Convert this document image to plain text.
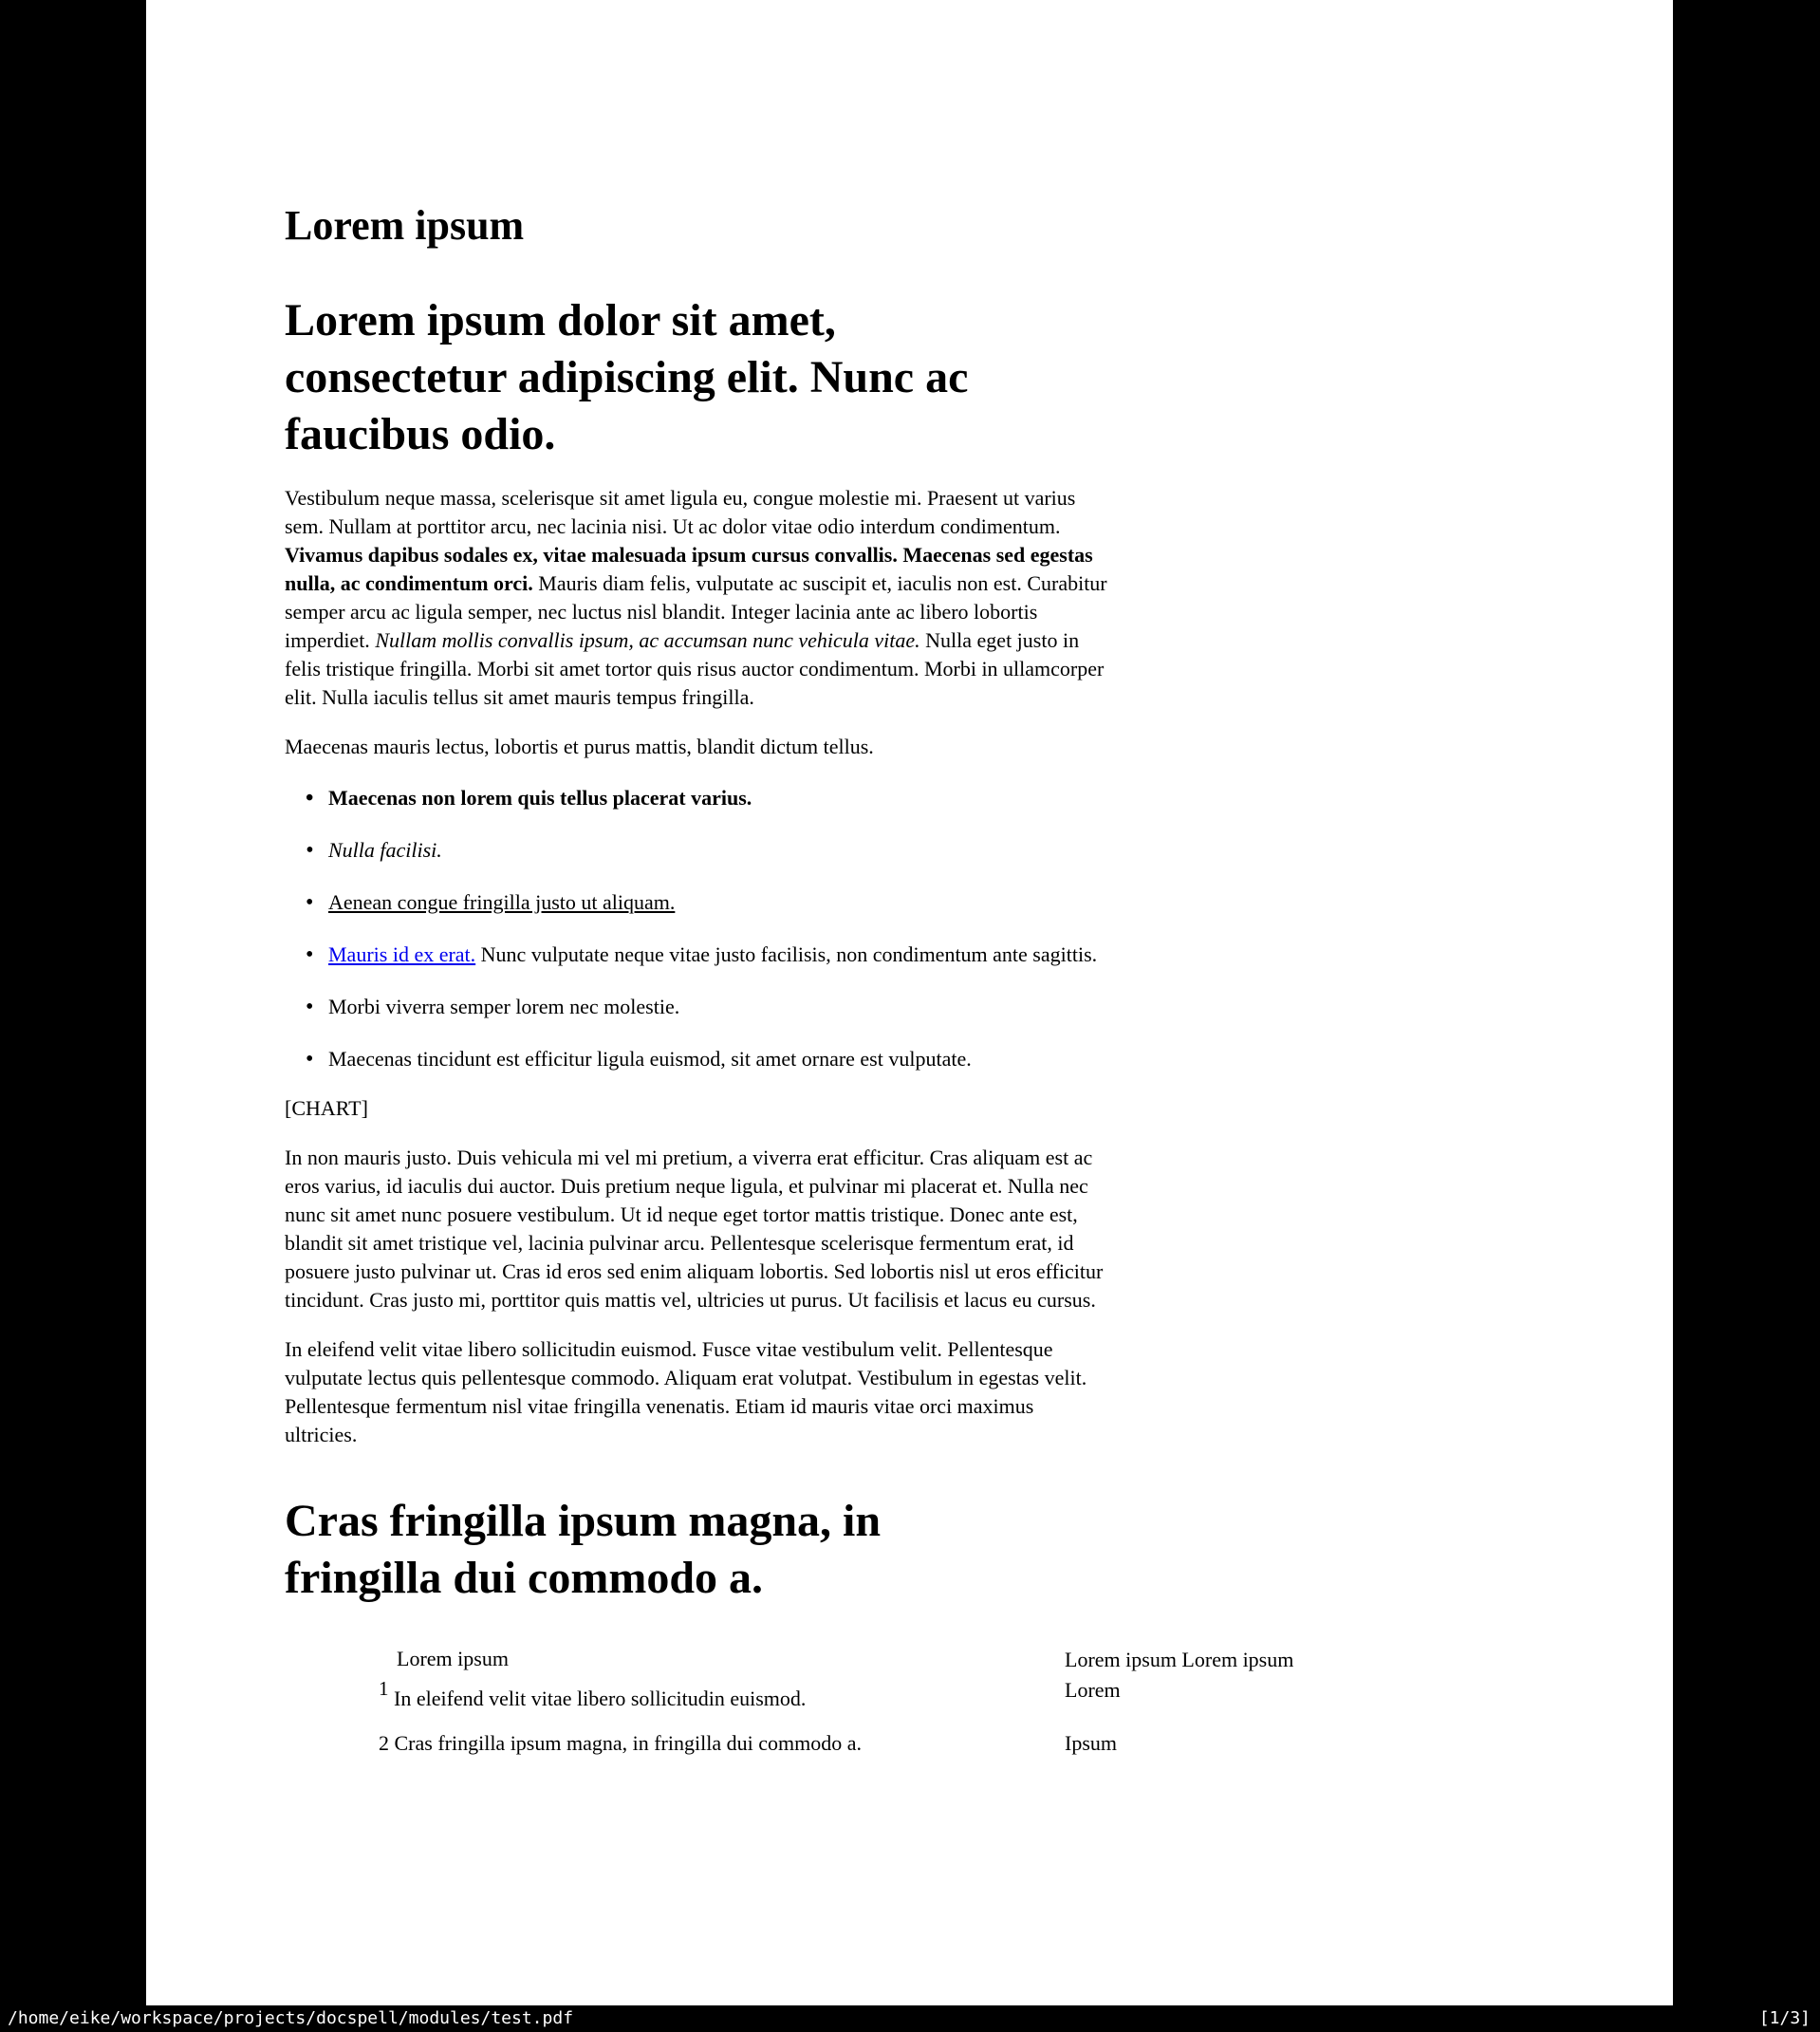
Lorem ipsum
Lorem ipsum dolor sit amet,
consectetur adipiscing elit. Nunc ac
faucibus odio.

Vestibulum neque massa, scelerisque sit amet ligula eu, congue molestie mi. Praesent ut varius sem. Nullam at porttitor arcu, nec lacinia nisi. Ut ac dolor vitae odio interdum condimentum. Vivamus dapibus sodales ex, vitae malesuada ipsum cursus convallis. Maecenas sed egestas nulla, ac condimentum orci. Mauris diam felis, vulputate ac suscipit et, iaculis non est. Curabitur semper arcu ac ligula semper, nec luctus nisl blandit. Integer lacinia ante ac libero lobortis imperdiet. Nullam mollis convallis ipsum, ac accumsan nunc vehicula vitae. Nulla eget justo in felis tristique fringilla. Morbi sit amet tortor quis risus auctor condimentum. Morbi in ullamcorper elit. Nulla iaculis tellus sit amet mauris tempus fringilla.

Maecenas mauris lectus, lobortis et purus mattis, blandit dictum tellus.

• Maecenas non lorem quis tellus placerat varius.
• Nulla facilisi.
• Aenean congue fringilla justo ut aliquam.
• Mauris id ex erat. Nunc vulputate neque vitae justo facilisis, non condimentum ante sagittis.
• Morbi viverra semper lorem nec molestie.
• Maecenas tincidunt est efficitur ligula euismod, sit amet ornare est vulputate.

[CHART]

In non mauris justo. Duis vehicula mi vel mi pretium, a viverra erat efficitur. Cras aliquam est ac eros varius, id iaculis dui auctor. Duis pretium neque ligula, et pulvinar mi placerat et. Nulla nec nunc sit amet nunc posuere vestibulum. Ut id neque eget tortor mattis tristique. Donec ante est, blandit sit amet tristique vel, lacinia pulvinar arcu. Pellentesque scelerisque fermentum erat, id posuere justo pulvinar ut. Cras id eros sed enim aliquam lobortis. Sed lobortis nisl ut eros efficitur tincidunt. Cras justo mi, porttitor quis mattis vel, ultricies ut purus. Ut facilisis et lacus eu cursus.

In eleifend velit vitae libero sollicitudin euismod. Fusce vitae vestibulum velit. Pellentesque vulputate lectus quis pellentesque commodo. Aliquam erat volutpat. Vestibulum in egestas velit. Pellentesque fermentum nisl vitae fringilla venenatis. Etiam id mauris vitae orci maximus ultricies.

Cras fringilla ipsum magna, in
fringilla dui commodo a.
Lorem ipsum	Lorem ipsum Lorem ipsum Lorem
$^1$ In eleifend velit vitae libero sollicitudin euismod.
2 Cras fringilla ipsum magna, in fringilla dui commodo a.	Ipsum
/home/eike/workspace/projects/docspell/modules/test.pdf	[1/3]
